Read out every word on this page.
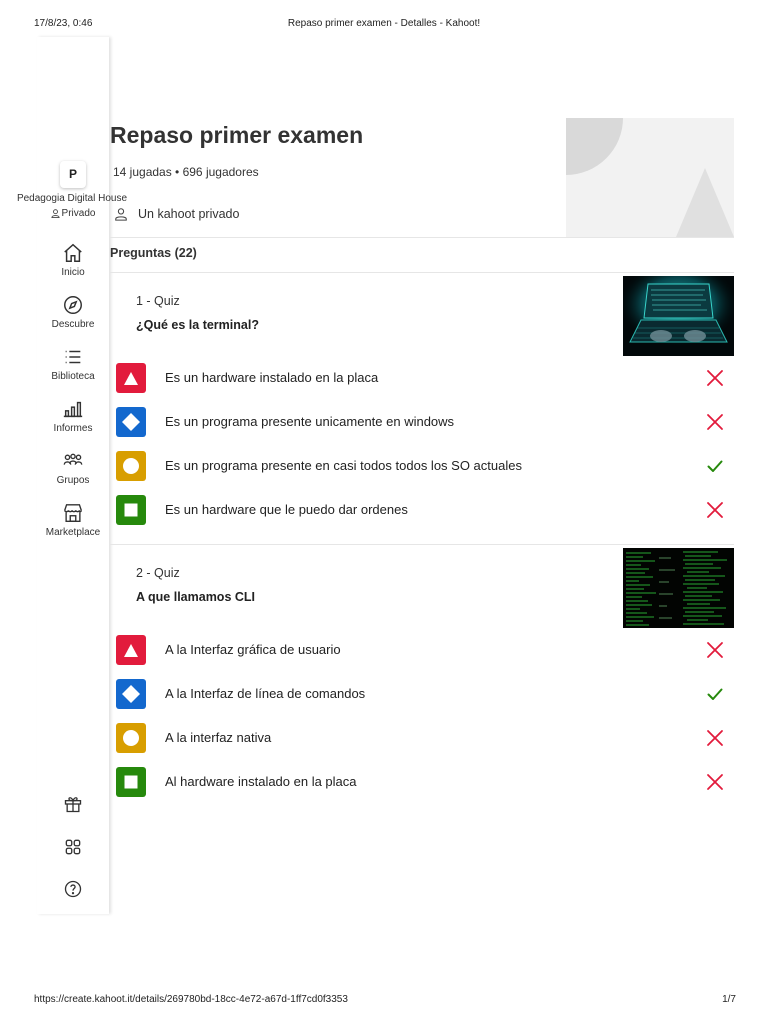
17/8/23, 0:46	Repaso primer examen - Detalles - Kahoot!
P
Pedagogia Digital House
Privado
Inicio
Descubre
Biblioteca
Informes
Grupos
Marketplace
Repaso primer examen
14 jugadas • 696 jugadores
Un kahoot privado
Preguntas (22)
1 - Quiz
¿Qué es la terminal?
Es un hardware instalado en la placa
Es un programa presente unicamente en windows
Es un programa presente en casi todos todos los SO actuales
Es un hardware que le puedo dar ordenes
2 - Quiz
A que llamamos CLI
A la Interfaz gráfica de usuario
A la Interfaz de línea de comandos
A la interfaz nativa
Al hardware instalado en la placa
https://create.kahoot.it/details/269780bd-18cc-4e72-a67d-1ff7cd0f3353	1/7
